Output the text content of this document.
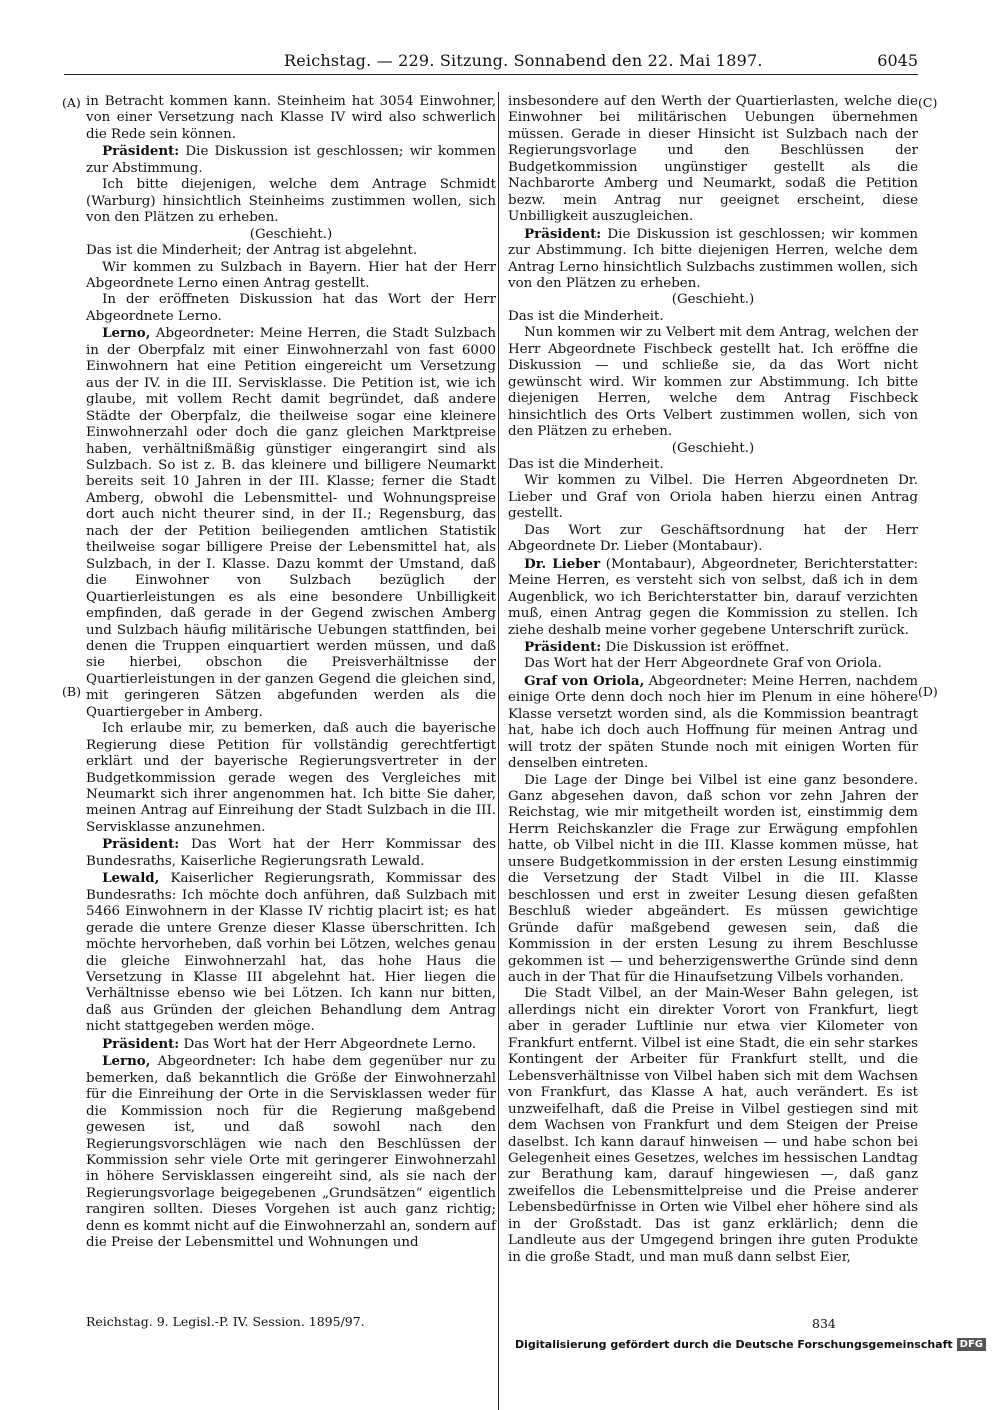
Reichstag. — 229. Sitzung. Sonnabend den 22. Mai 1897.	6045
(A)
(B)
(C)
(D)

in Betracht kommen kann. Steinheim hat 3054 Einwohner, von einer Versetzung nach Klasse IV wird also schwerlich die Rede sein können.

Präsident: Die Diskussion ist geschlossen; wir kommen zur Abstimmung.

Ich bitte diejenigen, welche dem Antrage Schmidt (Warburg) hinsichtlich Steinheims zustimmen wollen, sich von den Plätzen zu erheben.

(Geschieht.)

Das ist die Minderheit; der Antrag ist abgelehnt.

Wir kommen zu Sulzbach in Bayern. Hier hat der Herr Abgeordnete Lerno einen Antrag gestellt.

In der eröffneten Diskussion hat das Wort der Herr Abgeordnete Lerno.

Lerno, Abgeordneter: Meine Herren, die Stadt Sulzbach in der Oberpfalz mit einer Einwohnerzahl von fast 6000 Einwohnern hat eine Petition eingereicht um Versetzung aus der IV. in die III. Servisklasse. Die Petition ist, wie ich glaube, mit vollem Recht damit begründet, daß andere Städte der Oberpfalz, die theilweise sogar eine kleinere Einwohnerzahl oder doch die ganz gleichen Marktpreise haben, verhältnißmäßig günstiger eingerangirt sind als Sulzbach. So ist z. B. das kleinere und billigere Neumarkt bereits seit 10 Jahren in der III. Klasse; ferner die Stadt Amberg, obwohl die Lebensmittel- und Wohnungspreise dort auch nicht theurer sind, in der II.; Regensburg, das nach der der Petition beiliegenden amtlichen Statistik theilweise sogar billigere Preise der Lebensmittel hat, als Sulzbach, in der I. Klasse. Dazu kommt der Umstand, daß die Einwohner von Sulzbach bezüglich der Quartierleistungen es als eine besondere Unbilligkeit empfinden, daß gerade in der Gegend zwischen Amberg und Sulzbach häufig militärische Uebungen stattfinden, bei denen die Truppen einquartiert werden müssen, und daß sie hierbei, obschon die Preisverhältnisse der Quartierleistungen in der ganzen Gegend die gleichen sind, mit geringeren Sätzen abgefunden werden als die Quartiergeber in Amberg.

Ich erlaube mir, zu bemerken, daß auch die bayerische Regierung diese Petition für vollständig gerechtfertigt erklärt und der bayerische Regierungsvertreter in der Budgetkommission gerade wegen des Vergleiches mit Neumarkt sich ihrer angenommen hat. Ich bitte Sie daher, meinen Antrag auf Einreihung der Stadt Sulzbach in die III. Servisklasse anzunehmen.

Präsident: Das Wort hat der Herr Kommissar des Bundesraths, Kaiserliche Regierungsrath Lewald.

Lewald, Kaiserlicher Regierungsrath, Kommissar des Bundesraths: Ich möchte doch anführen, daß Sulzbach mit 5466 Einwohnern in der Klasse IV richtig placirt ist; es hat gerade die untere Grenze dieser Klasse überschritten. Ich möchte hervorheben, daß vorhin bei Lötzen, welches genau die gleiche Einwohnerzahl hat, das hohe Haus die Versetzung in Klasse III abgelehnt hat. Hier liegen die Verhältnisse ebenso wie bei Lötzen. Ich kann nur bitten, daß aus Gründen der gleichen Behandlung dem Antrag nicht stattgegeben werden möge.

Präsident: Das Wort hat der Herr Abgeordnete Lerno.

Lerno, Abgeordneter: Ich habe dem gegenüber nur zu bemerken, daß bekanntlich die Größe der Einwohnerzahl für die Einreihung der Orte in die Servisklassen weder für die Kommission noch für die Regierung maßgebend gewesen ist, und daß sowohl nach den Regierungsvorschlägen wie nach den Beschlüssen der Kommission sehr viele Orte mit geringerer Einwohnerzahl in höhere Servisklassen eingereiht sind, als sie nach der Regierungsvorlage beigegebenen „Grundsätzen“ eigentlich rangiren sollten. Dieses Vorgehen ist auch ganz richtig; denn es kommt nicht auf die Einwohnerzahl an, sondern auf die Preise der Lebensmittel und Wohnungen und

insbesondere auf den Werth der Quartierlasten, welche die Einwohner bei militärischen Uebungen übernehmen müssen. Gerade in dieser Hinsicht ist Sulzbach nach der Regierungsvorlage und den Beschlüssen der Budgetkommission ungünstiger gestellt als die Nachbarorte Amberg und Neumarkt, sodaß die Petition bezw. mein Antrag nur geeignet erscheint, diese Unbilligkeit auszugleichen.

Präsident: Die Diskussion ist geschlossen; wir kommen zur Abstimmung. Ich bitte diejenigen Herren, welche dem Antrag Lerno hinsichtlich Sulzbachs zustimmen wollen, sich von den Plätzen zu erheben.

(Geschieht.)

Das ist die Minderheit.

Nun kommen wir zu Velbert mit dem Antrag, welchen der Herr Abgeordnete Fischbeck gestellt hat. Ich eröffne die Diskussion — und schließe sie, da das Wort nicht gewünscht wird. Wir kommen zur Abstimmung. Ich bitte diejenigen Herren, welche dem Antrag Fischbeck hinsichtlich des Orts Velbert zustimmen wollen, sich von den Plätzen zu erheben.

(Geschieht.)

Das ist die Minderheit.

Wir kommen zu Vilbel. Die Herren Abgeordneten Dr. Lieber und Graf von Oriola haben hierzu einen Antrag gestellt.

Das Wort zur Geschäftsordnung hat der Herr Abgeordnete Dr. Lieber (Montabaur).

Dr. Lieber (Montabaur), Abgeordneter, Berichterstatter: Meine Herren, es versteht sich von selbst, daß ich in dem Augenblick, wo ich Berichterstatter bin, darauf verzichten muß, einen Antrag gegen die Kommission zu stellen. Ich ziehe deshalb meine vorher gegebene Unterschrift zurück.

Präsident: Die Diskussion ist eröffnet.

Das Wort hat der Herr Abgeordnete Graf von Oriola.

Graf von Oriola, Abgeordneter: Meine Herren, nachdem einige Orte denn doch noch hier im Plenum in eine höhere Klasse versetzt worden sind, als die Kommission beantragt hat, habe ich doch auch Hoffnung für meinen Antrag und will trotz der späten Stunde noch mit einigen Worten für denselben eintreten.

Die Lage der Dinge bei Vilbel ist eine ganz besondere. Ganz abgesehen davon, daß schon vor zehn Jahren der Reichstag, wie mir mitgetheilt worden ist, einstimmig dem Herrn Reichskanzler die Frage zur Erwägung empfohlen hatte, ob Vilbel nicht in die III. Klasse kommen müsse, hat unsere Budgetkommission in der ersten Lesung einstimmig die Versetzung der Stadt Vilbel in die III. Klasse beschlossen und erst in zweiter Lesung diesen gefaßten Beschluß wieder abgeändert. Es müssen gewichtige Gründe dafür maßgebend gewesen sein, daß die Kommission in der ersten Lesung zu ihrem Beschlusse gekommen ist — und beherzigenswerthe Gründe sind denn auch in der That für die Hinaufsetzung Vilbels vorhanden.

Die Stadt Vilbel, an der Main-Weser Bahn gelegen, ist allerdings nicht ein direkter Vorort von Frankfurt, liegt aber in gerader Luftlinie nur etwa vier Kilometer von Frankfurt entfernt. Vilbel ist eine Stadt, die ein sehr starkes Kontingent der Arbeiter für Frankfurt stellt, und die Lebensverhältnisse von Vilbel haben sich mit dem Wachsen von Frankfurt, das Klasse A hat, auch verändert. Es ist unzweifelhaft, daß die Preise in Vilbel gestiegen sind mit dem Wachsen von Frankfurt und dem Steigen der Preise daselbst. Ich kann darauf hinweisen — und habe schon bei Gelegenheit eines Gesetzes, welches im hessischen Landtag zur Berathung kam, darauf hingewiesen —, daß ganz zweifellos die Lebensmittelpreise und die Preise anderer Lebensbedürfnisse in Orten wie Vilbel eher höhere sind als in der Großstadt. Das ist ganz erklärlich; denn die Landleute aus der Umgegend bringen ihre guten Produkte in die große Stadt, und man muß dann selbst Eier,

Reichstag. 9. Legisl.-P. IV. Session. 1895/97.	834
Digitalisierung gefördert durch die Deutsche Forschungsgemeinschaft DFG
